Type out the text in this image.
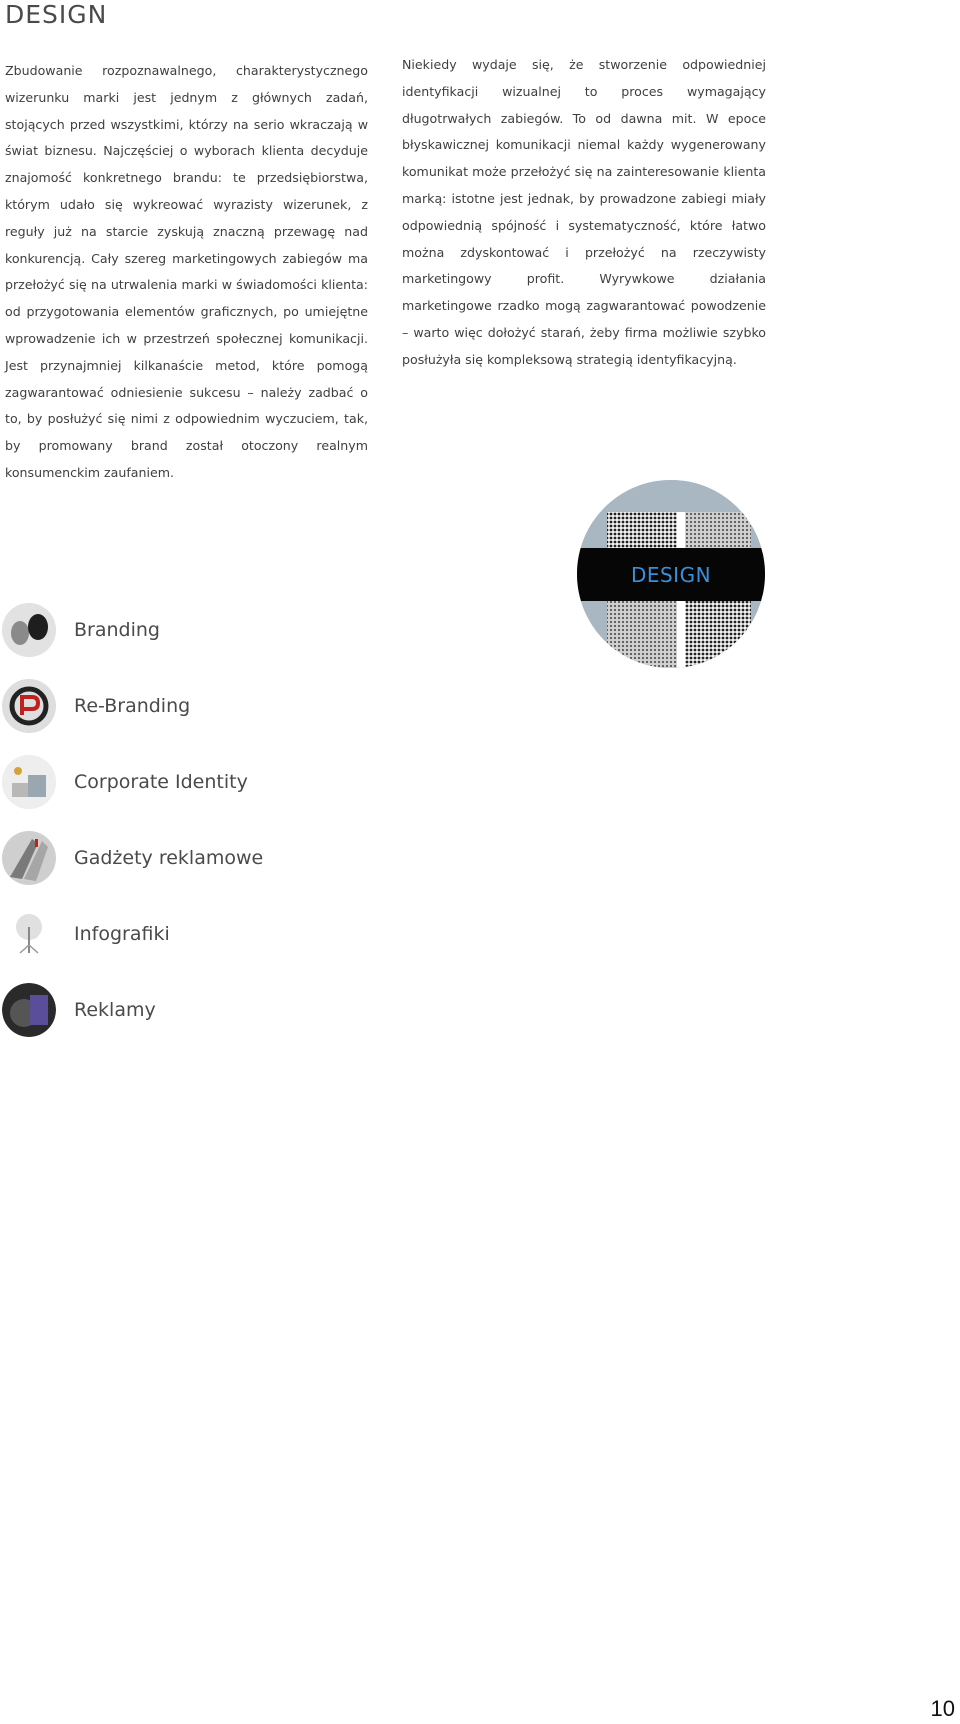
DESIGN
Zbudowanie rozpoznawalnego, charakterystycznego wizerunku marki jest jednym z głównych zadań, stojących przed wszystkimi, którzy na serio wkraczają w świat biznesu. Najczęściej o wyborach klienta decyduje znajomość konkretnego brandu: te przedsiębiorstwa, którym udało się wykreować wyrazisty wizerunek, z reguły już na starcie zyskują znaczną przewagę nad konkurencją. Cały szereg marketingowych zabiegów ma przełożyć się na utrwalenia marki w świadomości klienta: od przygotowania elementów graficznych, po umiejętne wprowadzenie ich w przestrzeń społecznej komunikacji. Jest przynajmniej kilkanaście metod, które pomogą zagwarantować odniesienie sukcesu – należy zadbać o to, by posłużyć się nimi z odpowiednim wyczuciem, tak, by promowany brand został otoczony realnym konsumenckim zaufaniem.
Niekiedy wydaje się, że stworzenie odpowiedniej identyfikacji wizualnej to proces wymagający długotrwałych zabiegów. To od dawna mit. W epoce błyskawicznej komunikacji niemal każdy wygenerowany komunikat może przełożyć się na zainteresowanie klienta marką: istotne jest jednak, by prowadzone zabiegi miały odpowiednią spójność i systematyczność, które łatwo można zdyskontować i przełożyć na rzeczywisty marketingowy profit. Wyrywkowe działania marketingowe rzadko mogą zagwarantować powodzenie – warto więc dołożyć starań, żeby firma możliwie szybko posłużyła się kompleksową strategią identyfikacyjną.
DESIGN
Branding
Re-Branding
Corporate Identity
Gadżety reklamowe
Infografiki
Reklamy
10
